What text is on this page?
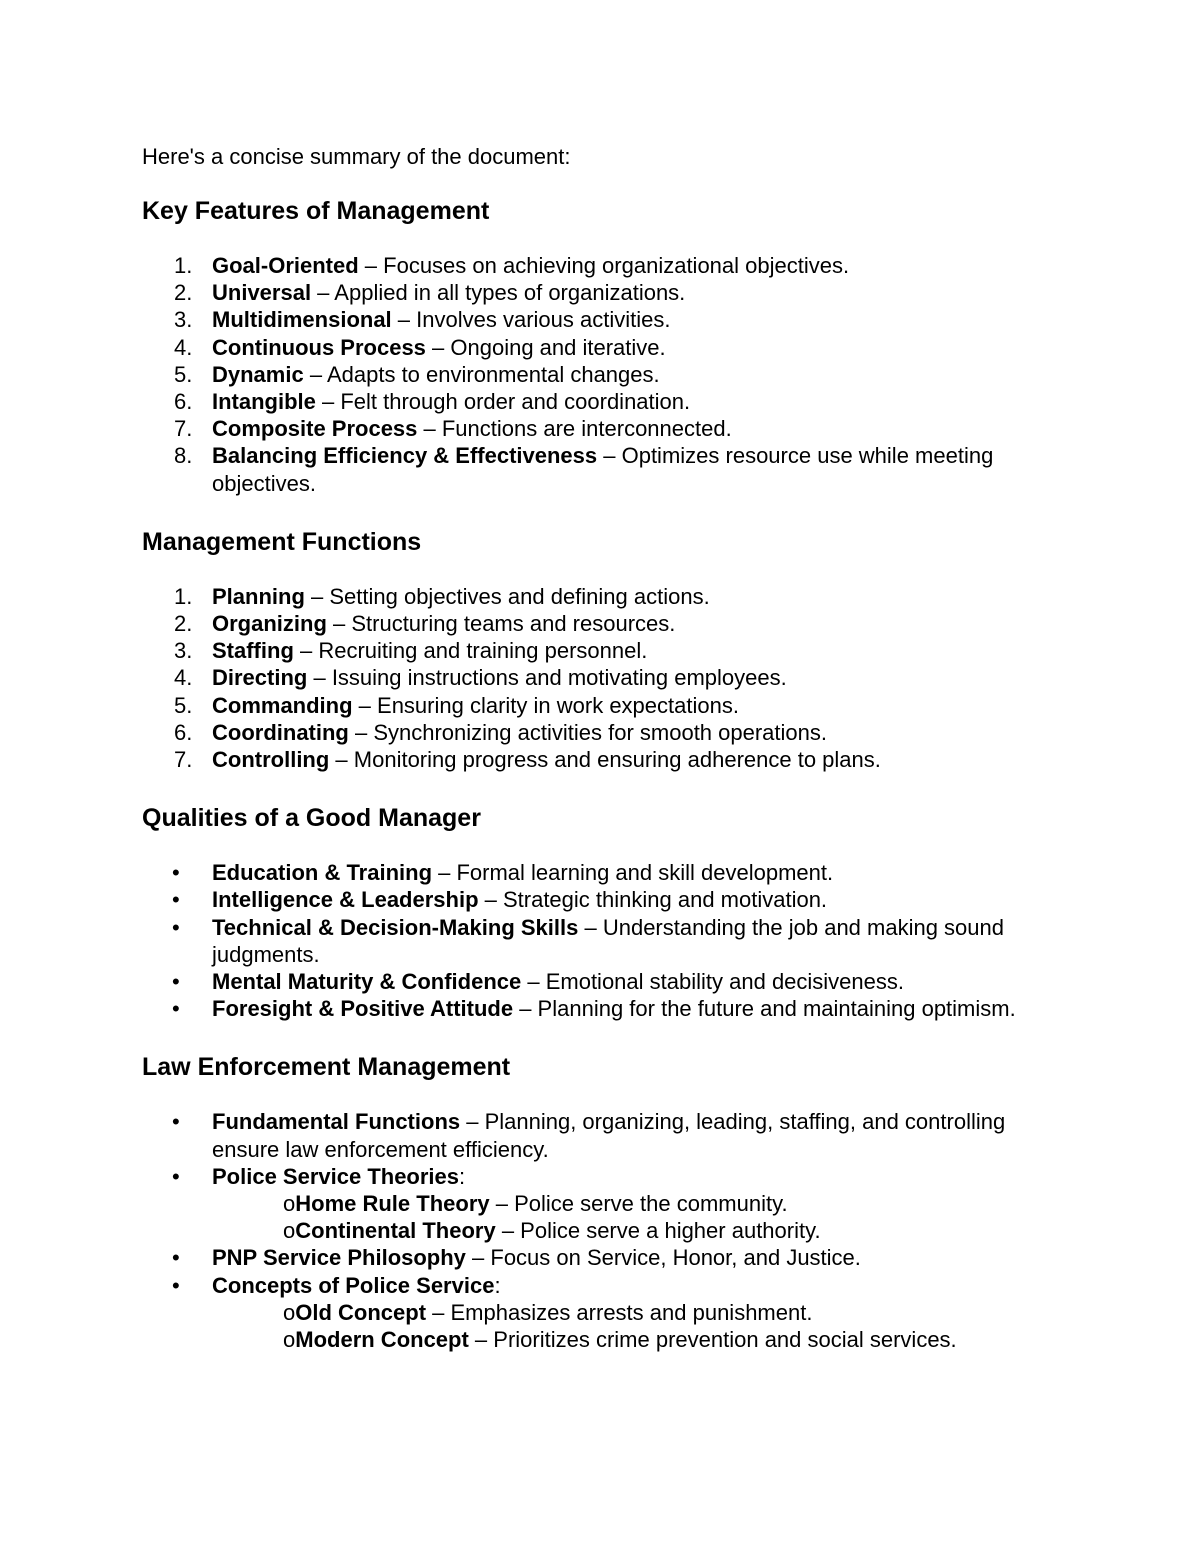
Here's a concise summary of the document:

Key Features of Management
1. Goal-Oriented – Focuses on achieving organizational objectives.
2. Universal – Applied in all types of organizations.
3. Multidimensional – Involves various activities.
4. Continuous Process – Ongoing and iterative.
5. Dynamic – Adapts to environmental changes.
6. Intangible – Felt through order and coordination.
7. Composite Process – Functions are interconnected.
8. Balancing Efficiency & Effectiveness – Optimizes resource use while meeting objectives.
Management Functions
1. Planning – Setting objectives and defining actions.
2. Organizing – Structuring teams and resources.
3. Staffing – Recruiting and training personnel.
4. Directing – Issuing instructions and motivating employees.
5. Commanding – Ensuring clarity in work expectations.
6. Coordinating – Synchronizing activities for smooth operations.
7. Controlling – Monitoring progress and ensuring adherence to plans.
Qualities of a Good Manager
• Education & Training – Formal learning and skill development.
• Intelligence & Leadership – Strategic thinking and motivation.
• Technical & Decision-Making Skills – Understanding the job and making sound judgments.
• Mental Maturity & Confidence – Emotional stability and decisiveness.
• Foresight & Positive Attitude – Planning for the future and maintaining optimism.
Law Enforcement Management
• Fundamental Functions – Planning, organizing, leading, staffing, and controlling ensure law enforcement efficiency.
• Police Service Theories:
oHome Rule Theory – Police serve the community.
oContinental Theory – Police serve a higher authority.
• PNP Service Philosophy – Focus on Service, Honor, and Justice.
• Concepts of Police Service:
oOld Concept – Emphasizes arrests and punishment.
oModern Concept – Prioritizes crime prevention and social services.
